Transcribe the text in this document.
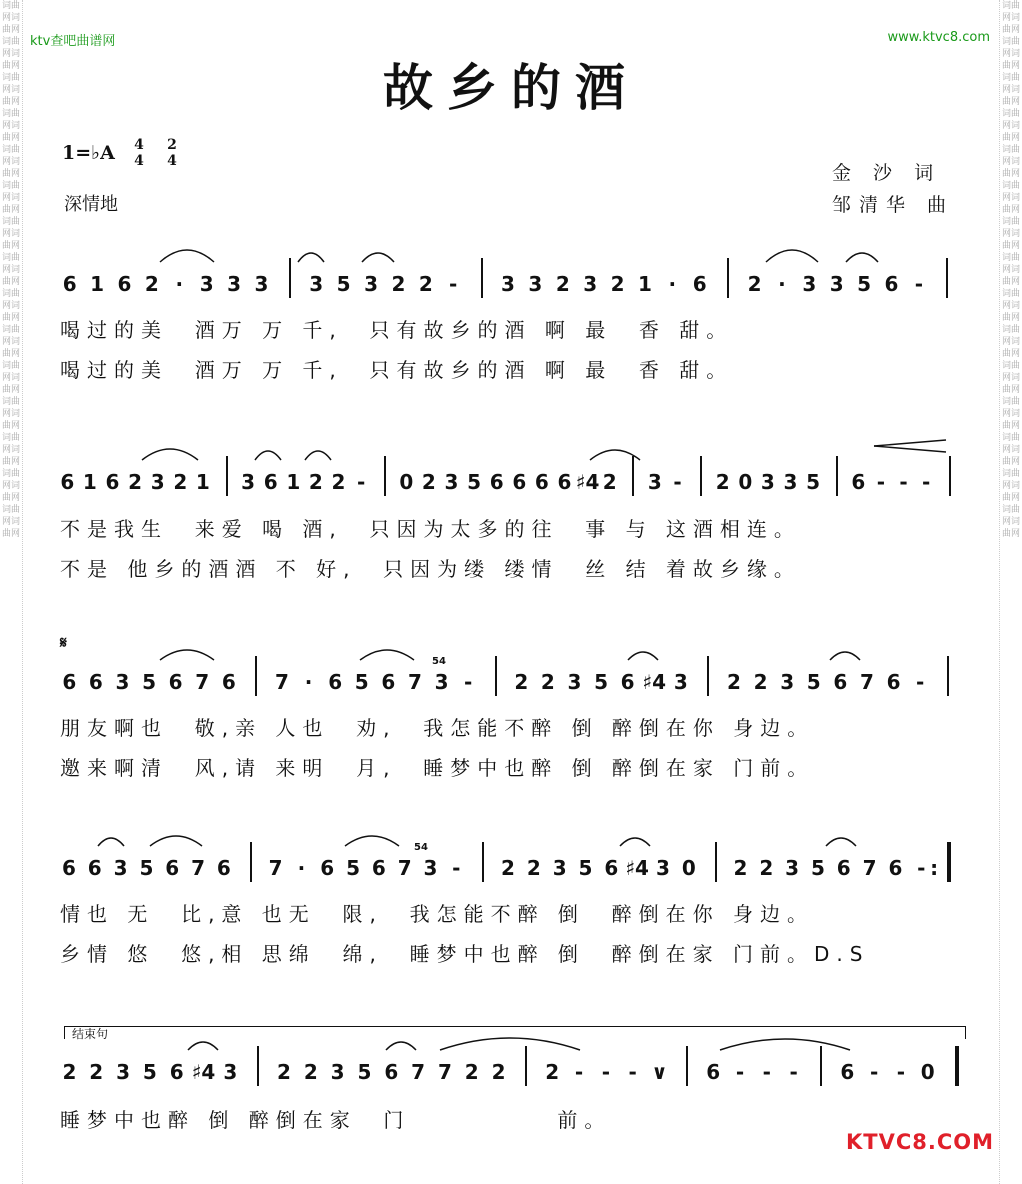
词曲网词曲网词曲网词曲网词曲网词曲网词曲网词曲网词曲网词曲网词曲网词曲网词曲网词曲网词曲网词曲网词曲网词曲网词曲网词曲网词曲网词曲网词曲网词曲网词曲网词曲网词曲网词曲网词曲网词曲网
词曲网词曲网词曲网词曲网词曲网词曲网词曲网词曲网词曲网词曲网词曲网词曲网词曲网词曲网词曲网词曲网词曲网词曲网词曲网词曲网词曲网词曲网词曲网词曲网词曲网词曲网词曲网词曲网词曲网词曲网
ktv查吧曲谱网	www.ktvc8.com
故乡的酒
1=♭A 4
4
2
4
深情地
金 沙 词
邹清华 曲
6 1 6 2 · 3 3 3	3 5 3 2 2 -	3 3 2 3 2 1 · 6	2 · 3 3 5 6 -
喝过的美  酒万 万 千,  只有故乡的酒 啊 最  香 甜。
喝过的美  酒万 万 千,  只有故乡的酒 啊 最  香 甜。
6 1 6 2 3 2 1 3 6 1 2 2 -	0 2 3 5 6 6 6 6 ♯4 2 3 -	2 0 3 3 5 6 - - -
不是我生  来爱 喝 酒,  只因为太多的往  事 与 这酒相连。
不是 他乡的酒酒 不 好,  只因为缕 缕情  丝 结 着故乡缘。
𝄋
6 6 3 5 6 7 6	7 · 6 5 6 7 3 -	2 2 3 5 6 ♯4 3	2 2 3 5 6 7 6 -
朋友啊也  敬,亲 人也  劝,  我怎能不醉 倒 醉倒在你 身边。
邀来啊清  风,请 来明  月,  睡梦中也醉 倒 醉倒在家 门前。
6 6 3 5 6 7 6 7 · 6 5 6 7 3 -	2 2 3 5 6 ♯4 3 0 2 2 3 5 6 7 6 - :
情也 无  比,意 也无  限,  我怎能不醉 倒  醉倒在你 身边。
乡情 悠  悠,相 思绵  绵,  睡梦中也醉 倒  醉倒在家 门前。D.S
结束句
2 2 3 5 6 ♯4 3	2 2 3 5 6 7 7 2 2	2 - - - ∨	6 - - -	6 - - 0
睡梦中也醉 倒 醉倒在家  门           前。
KTVC8.COM
54
54
